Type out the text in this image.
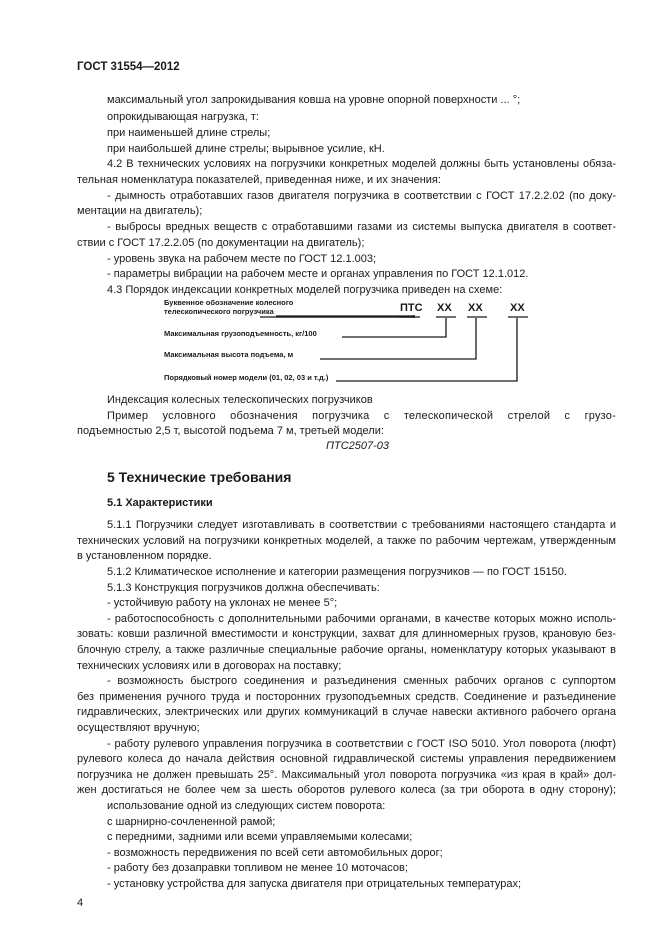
ГОСТ 31554—2012
максимальный угол запрокидывания ковша на уровне опорной поверхности ... °;
опрокидывающая нагрузка, т:
при наименьшей длине стрелы;
при наибольшей длине стрелы; вырывное усилие, кН.
4.2 В технических условиях на погрузчики конкретных моделей должны быть установлены обяза-
тельная номенклатура показателей, приведенная ниже, и их значения:
- дымность отработавших газов двигателя погрузчика в соответствии с ГОСТ 17.2.2.02 (по доку-
ментации на двигатель);
- выбросы вредных веществ с отработавшими газами из системы выпуска двигателя в соответ-
ствии с ГОСТ 17.2.2.05 (по документации на двигатель);
- уровень звука на рабочем месте по ГОСТ 12.1.003;
- параметры вибрации на рабочем месте и органах управления по ГОСТ 12.1.012.
4.3 Порядок индексации конкретных моделей погрузчика приведен на схеме:
ПТС XX XX XX
Буквенное обозначение колесного
телескопического погрузчика
Максимальная грузоподъемность, кг/100
Максимальная высота подъема, м
Порядковый номер модели (01, 02, 03 и т.д.)
Индексация колесных телескопических погрузчиков
Пример условного обозначения погрузчика с телескопической стрелой с грузо-
подъемностью 2,5 т, высотой подъема 7 м, третьей модели:
ПТС2507-03
5 Технические требования
5.1 Характеристики
5.1.1 Погрузчики следует изготавливать в соответствии с требованиями настоящего стандарта и
технических условий на погрузчики конкретных моделей, а также по рабочим чертежам, утвержденным
в установленном порядке.
5.1.2 Климатическое исполнение и категории размещения погрузчиков — по ГОСТ 15150.
5.1.3 Конструкция погрузчиков должна обеспечивать:
- устойчивую работу на уклонах не менее 5°;
- работоспособность с дополнительными рабочими органами, в качестве которых можно исполь-
зовать: ковши различной вместимости и конструкции, захват для длинномерных грузов, крановую без-
блочную стрелу, а также различные специальные рабочие органы, номенклатуру которых указывают в
технических условиях или в договорах на поставку;
- возможность быстрого соединения и разъединения сменных рабочих органов с суппортом
без применения ручного труда и посторонних грузоподъемных средств. Соединение и разъединение
гидравлических, электрических или других коммуникаций в случае навески активного рабочего органа
осуществляют вручную;
- работу рулевого управления погрузчика в соответствии с ГОСТ ISO 5010. Угол поворота (люфт)
рулевого колеса до начала действия основной гидравлической системы управления передвижением
погрузчика не должен превышать 25°. Максимальный угол поворота погрузчика «из края в край» дол-
жен достигаться не более чем за шесть оборотов рулевого колеса (за три оборота в одну сторону);
использование одной из следующих систем поворота:
с шарнирно-сочлененной рамой;
с передними, задними или всеми управляемыми колесами;
- возможность передвижения по всей сети автомобильных дорог;
- работу без дозаправки топливом не менее 10 моточасов;
- установку устройства для запуска двигателя при отрицательных температурах;
4
